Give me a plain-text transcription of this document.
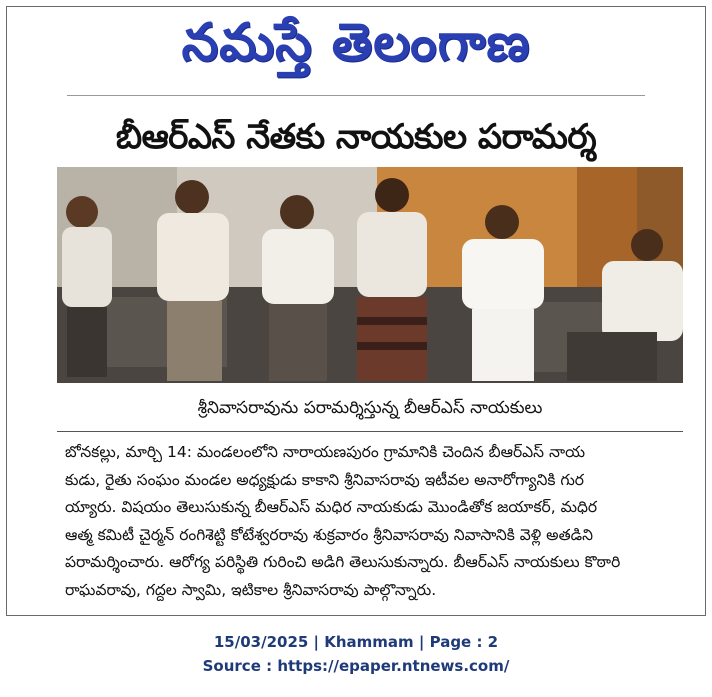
నమస్తే తెలంగాణ
బీఆర్ఎస్ నేతకు నాయకుల పరామర్శ
శ్రీనివాసరావును పరామర్శిస్తున్న బీఆర్ఎస్ నాయకులు

బోనకల్లు, మార్చి 14: మండలంలోని నారాయణపురం గ్రామానికి చెందిన బీఆర్ఎస్ నాయ

కుడు, రైతు సంఘం మండల అధ్యక్షుడు కాకాని శ్రీనివాసరావు ఇటీవల అనారోగ్యానికి గుర

య్యారు. విషయం తెలుసుకున్న బీఆర్ఎస్ మధిర నాయకుడు మొండితోక జయాకర్, మధిర

ఆత్మ కమిటీ చైర్మన్ రంగిశెట్టి కోటేశ్వరరావు శుక్రవారం శ్రీనివాసరావు నివాసానికి వెళ్లి అతడిని

పరామర్శించారు. ఆరోగ్య పరిస్థితి గురించి అడిగి తెలుసుకున్నారు. బీఆర్ఎస్ నాయకులు కొఠారి

రాఘవరావు, గద్దల స్వామి, ఇటికాల శ్రీనివాసరావు పాల్గొన్నారు.

15/03/2025 | Khammam | Page : 2
Source : https://epaper.ntnews.com/
